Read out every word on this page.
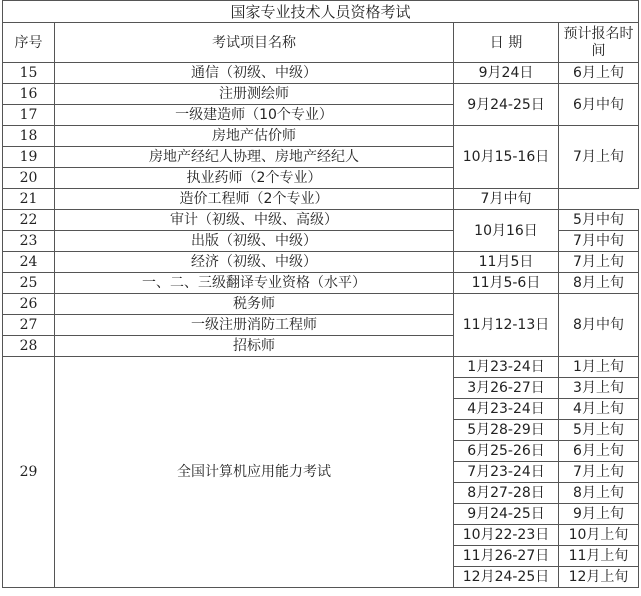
国家专业技术人员资格考试			
序号	考试项目名称	日 期	预计报名时间
15	通信（初级、中级）	9月24日	6月上旬
16	注册测绘师	9月24-25日	6月中旬
17	一级建造师（10个专业）		
18	房地产估价师	10月15-16日	7月上旬
19	房地产经纪人协理、房地产经纪人		
20	执业药师（2个专业）		
21	造价工程师（2个专业）	7月中旬	
22	审计（初级、中级、高级）	10月16日	5月中旬
23	出版（初级、中级）		7月中旬
24	经济（初级、中级）	11月5日	7月上旬
25	一、二、三级翻译专业资格（水平）	11月5-6日	8月上旬
26	税务师	11月12-13日	8月中旬
27	一级注册消防工程师		
28	招标师		
29	全国计算机应用能力考试	1月23-24日	1月上旬
		3月26-27日	3月上旬
		4月23-24日	4月上旬
		5月28-29日	5月上旬
		6月25-26日	6月上旬
		7月23-24日	7月上旬
		8月27-28日	8月上旬
		9月24-25日	9月上旬
		10月22-23日	10月上旬
		11月26-27日	11月上旬
		12月24-25日	12月上旬
